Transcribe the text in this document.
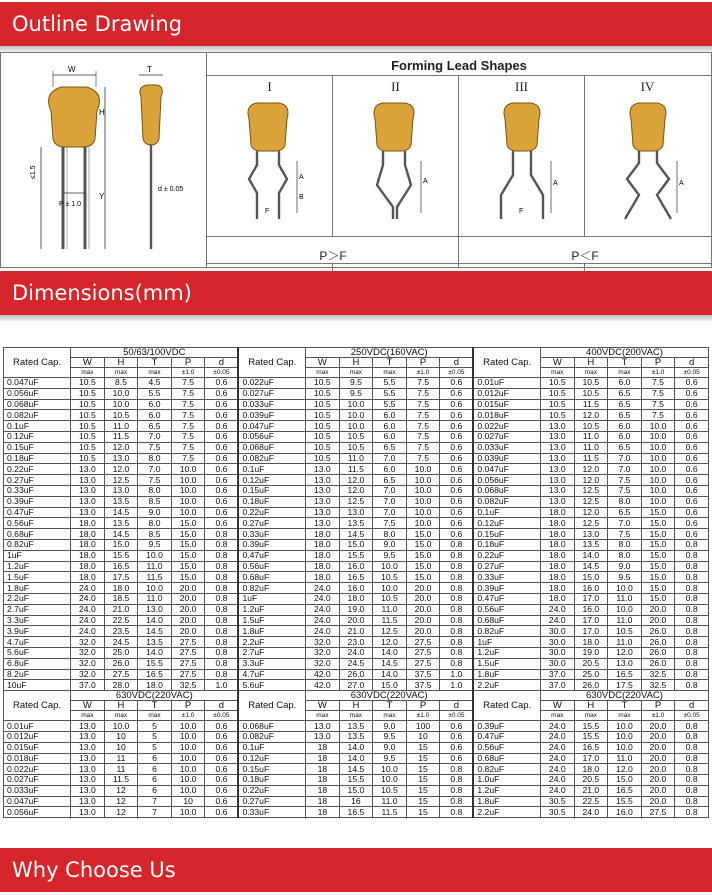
Outline Drawing
W
H
Y
≤1.5
P ± 1.0
T
d ± 0.05
Forming Lead Shapes
I	II	III	IV
A
B
F
A	A
F
A
P＞F	P＜F
Dimensions(mm)
Rated Cap.	50/63/100VDC					Rated Cap.	250VDC(160VAC)					Rated Cap.	400VDC(200VAC)				
	W	H	T	P	d		W	H	T	P	d		W	H	T	P	d
	max	max	max	±1.0	±0.05		max	max	max	±1.0	±0.05		max	max	max	±1.0	±0.05
0.047uF	10.5	8.5	4.5	7.5	0.6	0.022uF	10.5	9.5	5.5	7.5	0.6	0.01uF	10.5	10.5	6.0	7.5	0.6
0.056uF	10.5	10.0	5.5	7.5	0.6	0.027uF	10.5	9.5	5.5	7.5	0.6	0.012uF	10.5	10.5	6.5	7.5	0.6
0.068uF	10.5	10.0	6.0	7.5	0.6	0.033uF	10.5	10.0	5.5	7.5	0.6	0.015uF	10.5	11.5	6.5	7.5	0.6
0.082uF	10.5	10.5	6.0	7.5	0.6	0.039uF	10.5	10.0	6.0	7.5	0.6	0.018uF	10.5	12.0	6.5	7.5	0.6
0.1uF	10.5	11.0	6.5	7.5	0.6	0.047uF	10.5	10.0	6.0	7.5	0.6	0.022uF	13.0	10.5	6.0	10.0	0.6
0.12uF	10.5	11.5	7.0	7.5	0.6	0.056uF	10.5	10.5	6.0	7.5	0.6	0.027uF	13.0	11.0	6.0	10.0	0.6
0.15uF	10.5	12.0	7.5	7.5	0.6	0.068uF	10.5	10.5	6.5	7.5	0.6	0.033uF	13.0	11.0	6.5	10.0	0.6
0.18uF	10.5	13.0	8.0	7.5	0.6	0.082uF	10.5	11.0	7.0	7.5	0.6	0.039uF	13.0	11.5	7.0	10.0	0.6
0.22uF	13.0	12.0	7.0	10.0	0.6	0.1uF	13.0	11.5	6.0	10.0	0.6	0.047uF	13.0	12.0	7.0	10.0	0.6
0.27uF	13.0	12.5	7.5	10.0	0.6	0.12uF	13.0	12.0	6.5	10.0	0.6	0.056uF	13.0	12.0	7.5	10.0	0.6
0.33uF	13.0	13.0	8.0	10.0	0.6	0.15uF	13.0	12.0	7.0	10.0	0.6	0.068uF	13.0	12.5	7.5	10.0	0.6
0.39uF	13.0	13.5	8.5	10.0	0.6	0.18uF	13.0	12.5	7.0	10.0	0.6	0.082uF	13.0	12.5	8.0	10.0	0.6
0.47uF	13.0	14.5	9.0	10.0	0.6	0.22uF	13.0	13.0	7.0	10.0	0.6	0.1uF	18.0	12.0	6.5	15.0	0.6
0.56uF	18.0	13.5	8.0	15.0	0.6	0.27uF	13.0	13.5	7.5	10.0	0.6	0.12uF	18.0	12.5	7.0	15.0	0.6
0.68uF	18.0	14.5	8.5	15.0	0.8	0.33uF	18.0	14.5	8.0	15.0	0.6	0.15uF	18.0	13.0	7.5	15.0	0.6
0.82uF	18.0	15.0	9.5	15.0	0.8	0.39uF	18.0	15.0	9.0	15.0	0.8	0.18uF	18.0	13.5	8.0	15.0	0.8
1uF	18.0	15.5	10.0	15.0	0.8	0.47uF	18.0	15.5	9.5	15.0	0.8	0.22uF	18.0	14.0	8.0	15.0	0.8
1.2uF	18.0	16.5	11.0	15.0	0.8	0.56uF	18.0	16.0	10.0	15.0	0.8	0.27uF	18.0	14.5	9.0	15.0	0.8
1.5uF	18.0	17.5	11.5	15.0	0.8	0.68uF	18.0	16.5	10.5	15.0	0.8	0.33uF	18.0	15.0	9.5	15.0	0.8
1.8uF	24.0	18.0	10.0	20.0	0.8	0.82uF	24.0	16.0	10.0	20.0	0.8	0.39uF	18.0	16.0	10.0	15.0	0.8
2.2uF	24.0	18.5	11.0	20.0	0.8	1uF	24.0	18.0	10.5	20.0	0.8	0.47uF	18.0	17.0	11.0	15.0	0.8
2.7uF	24.0	21.0	13.0	20.0	0.8	1.2uF	24.0	19.0	11.0	20.0	0.8	0.56uF	24.0	16.0	10.0	20.0	0.8
3.3uF	24.0	22.5	14.0	20.0	0.8	1.5uF	24.0	20.0	11.5	20.0	0.8	0.68uF	24.0	17.0	11.0	20.0	0.8
3.9uF	24.0	23.5	14.5	20.0	0.8	1.8uF	24.0	21.0	12.5	20.0	0.8	0.82uF	30.0	17.0	10.5	26.0	0.8
4.7uF	32.0	24.5	13.5	27.5	0.8	2.2uF	32.0	23.0	12.0	27.5	0.8	1uF	30.0	18.0	11.0	26.0	0.8
5.6uF	32.0	25.0	14.0	27.5	0.8	2.7uF	32.0	24.0	14.0	27.5	0.8	1.2uF	30.0	19.0	12.0	26.0	0.8
6.8uF	32.0	26.0	15.5	27.5	0.8	3.3uF	32.0	24.5	14.5	27.5	0.8	1.5uF	30.0	20.5	13.0	26.0	0.8
8.2uF	32.0	27.5	16.5	27.5	0.8	4.7uF	42.0	26.0	14.0	37.5	1.0	1.8uF	37.0	25.0	16.5	32.5	0.8
10uF	37.0	28.0	18.0	32.5	1.0	5.6uF	42.0	27.0	15.0	37.5	1.0	2.2uF	37.0	26.0	17.5	32.5	0.8
Rated Cap.	630VDC(220VAC)					Rated Cap.	630VDC(220VAC)					Rated Cap.	630VDC(220VAC)				
	W	H	T	P	d		W	H	T	P	d		W	H	T	P	d
	max	max	max	±1.0	±0.05		max	max	max	±1.0	±0.05		max	max	max	±1.0	±0.05
0.01uF	13.0	10.0	5	10.0	0.6	0.068uF	13.0	13.5	9.0	100	0.6	0.39uF	24.0	15.5	10.0	20.0	0.8
0.012uF	13.0	10	5	10.0	0.6	0.082uF	13.0	13.5	9.5	10	0.6	0.47uF	24.0	15.5	10.0	20.0	0.8
0.015uF	13.0	10	5	10.0	0.6	0.1uF	18	14.0	9.0	15	0.6	0.56uF	24.0	16.5	10.0	20.0	0.8
0.018uF	13.0	11	6	10.0	0.6	0.12uF	18	14.0	9.5	15	0.6	0.68uF	24.0	17.0	11.0	20.0	0.8
0.022uF	13.0	11	6	10.0	0.6	0.15uF	18	14.5	10.0	15	0.8	0.82uF	24.0	18.0	12.0	20.0	0.8
0.027uF	13.0	11.5	6	10.0	0.6	0.18uF	18	15.5	10.0	15	0.8	1.0uF	24.0	20.5	15.0	20.0	0.8
0.033uF	13.0	12	6	10.0	0.6	0.22uF	18	15.0	10.5	15	0.8	1.2uF	24.0	21.0	16.5	20.0	0.8
0.047uF	13.0	12	7	10	0.6	0.27uF	18	16	11.0	15	0.8	1.8uF	30.5	22.5	15.5	20.0	0.8
0.056uF	13.0	12	7	10.0	0.6	0.33uF	18	16.5	11.5	15	0.8	2.2uF	30.5	24.0	16.0	27.5	0.8
Why Choose Us
